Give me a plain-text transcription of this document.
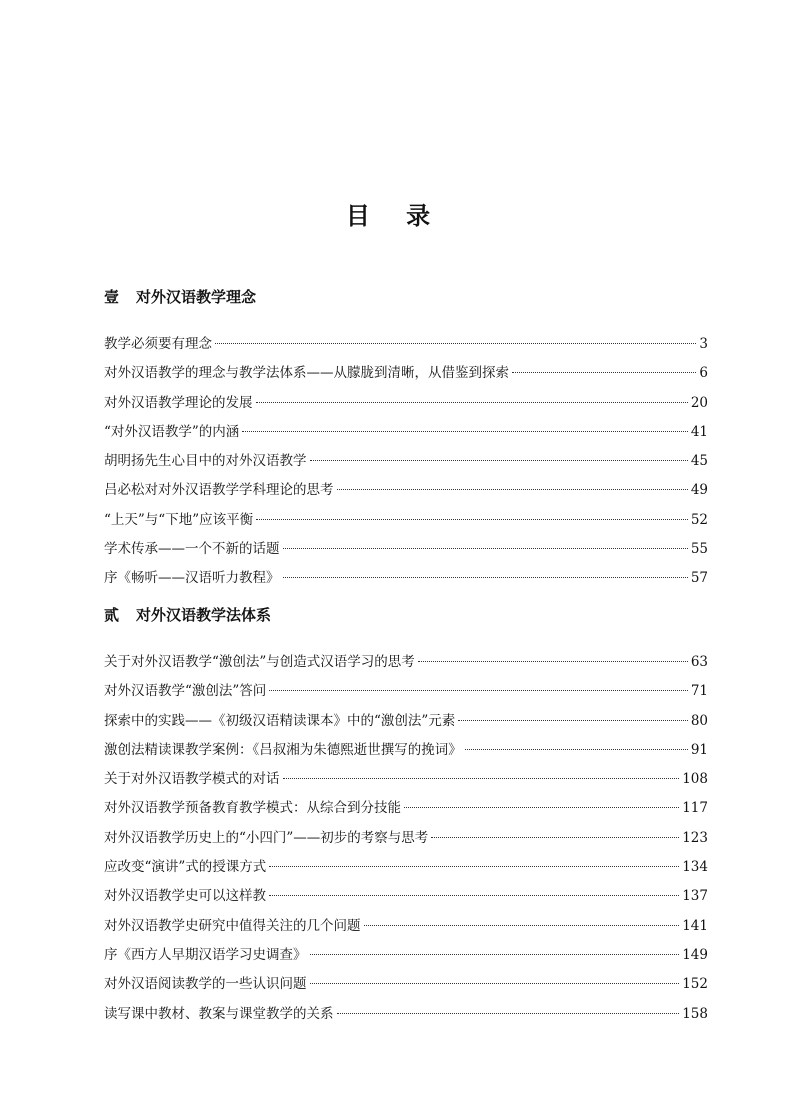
目 录
壹 对外汉语教学理念
教学必须要有理念	3
对外汉语教学的理念与教学法体系——从朦胧到清晰，从借鉴到探索	6
对外汉语教学理论的发展	20
“对外汉语教学”的内涵	41
胡明扬先生心目中的对外汉语教学	45
吕必松对对外汉语教学学科理论的思考	49
“上天”与“下地”应该平衡	52
学术传承——一个不新的话题	55
序《畅听——汉语听力教程》	57
贰 对外汉语教学法体系
关于对外汉语教学“激创法”与创造式汉语学习的思考	63
对外汉语教学“激创法”答问	71
探索中的实践——《初级汉语精读课本》中的“激创法”元素	80
激创法精读课教学案例：《吕叔湘为朱德熙逝世撰写的挽词》	91
关于对外汉语教学模式的对话	108
对外汉语教学预备教育教学模式：从综合到分技能	117
对外汉语教学历史上的“小四门”——初步的考察与思考	123
应改变“演讲”式的授课方式	134
对外汉语教学史可以这样教	137
对外汉语教学史研究中值得关注的几个问题	141
序《西方人早期汉语学习史调查》	149
对外汉语阅读教学的一些认识问题	152
读写课中教材、教案与课堂教学的关系	158
